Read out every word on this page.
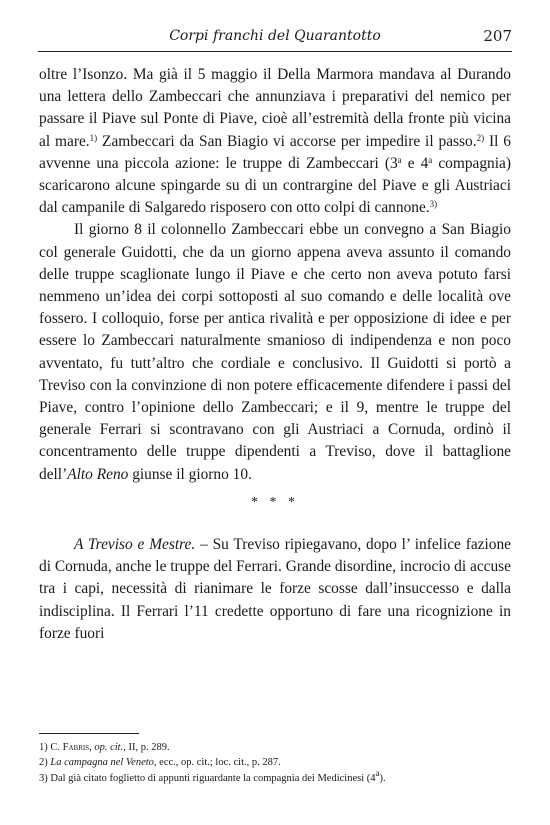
Corpi franchi del Quarantotto	207

oltre l’Isonzo. Ma già il 5 maggio il Della Marmora mandava al Durando una lettera dello Zambeccari che annunziava i preparativi del nemico per passare il Piave sul Ponte di Piave, cioè all’estremità della fronte più vicina al mare.$^{1)}$ Zambeccari da San Biagio vi accorse per impedire il passo.$^{2)}$ Il 6 avvenne una piccola azione: le truppe di Zambeccari (3$^a$ e 4$^a$ compagnia) scaricarono alcune spingarde su di un contrargine del Piave e gli Austriaci dal campanile di Salgaredo risposero con otto colpi di cannone.$^{3)}$

Il giorno 8 il colonnello Zambeccari ebbe un convegno a San Biagio col generale Guidotti, che da un giorno appena aveva assunto il comando delle truppe scaglionate lungo il Piave e che certo non aveva potuto farsi nemmeno un’idea dei corpi sottoposti al suo comando e delle località ove fossero. I colloquio, forse per antica rivalità e per opposizione di idee e per essere lo Zambeccari naturalmente smanioso di indipendenza e non poco avventato, fu tutt’altro che cordiale e conclusivo. Il Guidotti si portò a Treviso con la convinzione di non potere efficacemente difendere i passi del Piave, contro l’opinione dello Zambeccari; e il 9, mentre le truppe del generale Ferrari si scontravano con gli Austriaci a Cornuda, ordinò il concentramento delle truppe dipendenti a Treviso, dove il battaglione dell’Alto Reno giunse il giorno 10.

* * *

A Treviso e Mestre. – Su Treviso ripiegavano, dopo l’ infelice fazione di Cornuda, anche le truppe del Ferrari. Grande disordine, incrocio di accuse tra i capi, necessità di rianimare le forze scosse dall’insuccesso e dalla indisciplina. Il Ferrari l’11 credette opportuno di fare una ricognizione in forze fuori

1) C. Fabris, op. cit., II, p. 289.
2) La campagna nel Veneto, ecc., op. cit.; loc. cit., p. 287.
3) Dal già citato foglietto di appunti riguardante la compagnia dei Medicinesi (4$^a$).
